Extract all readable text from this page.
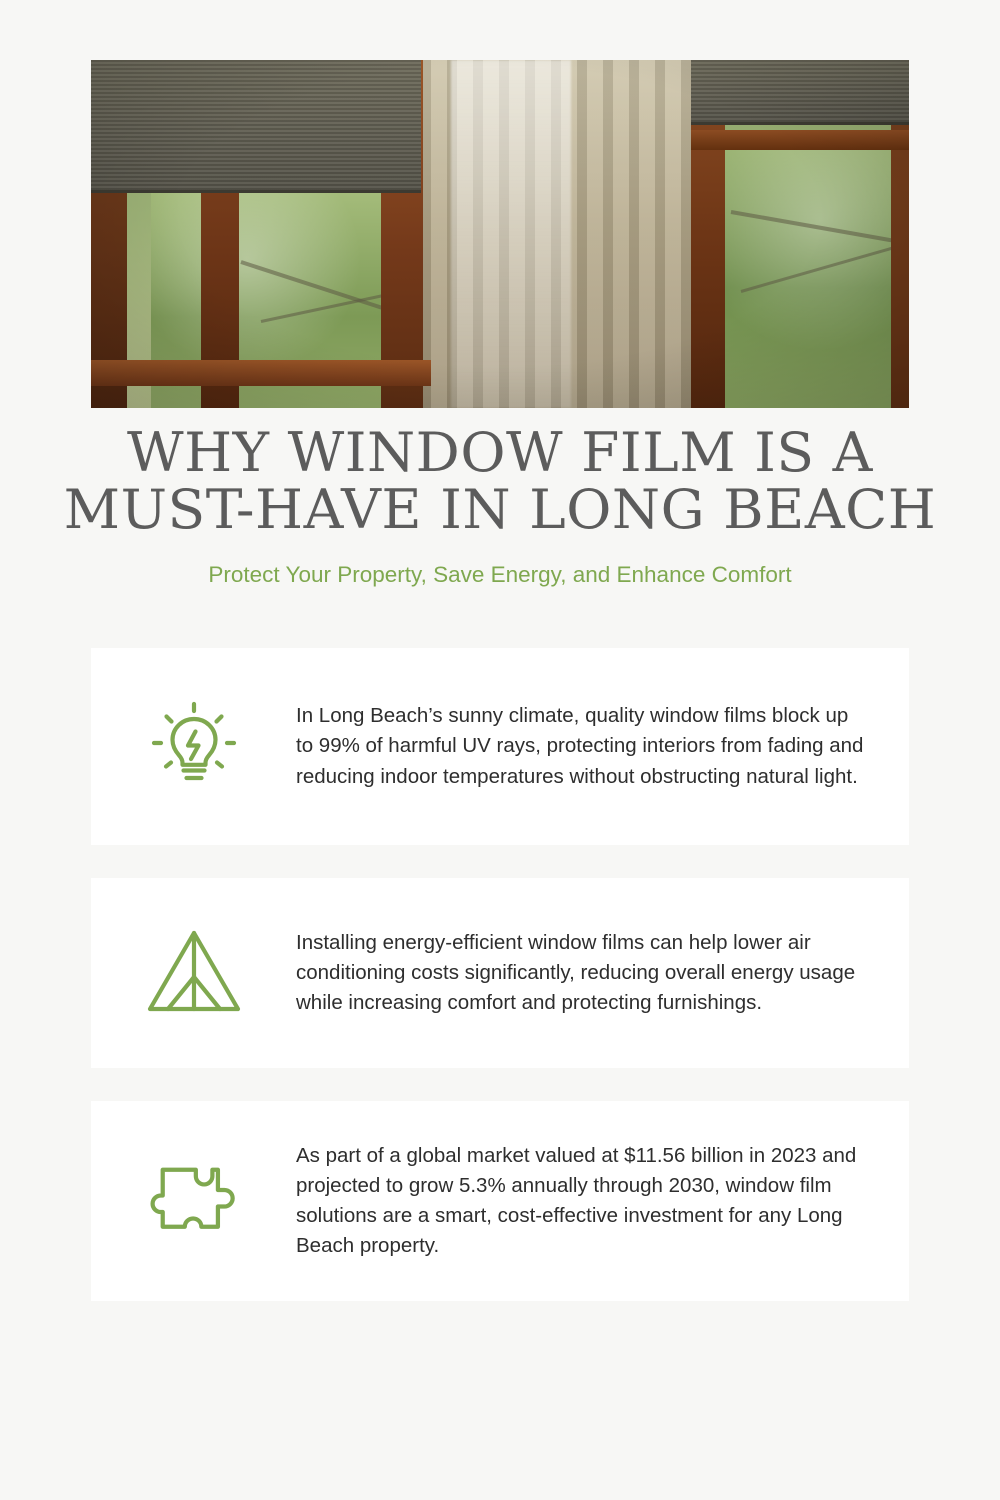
WHY WINDOW FILM IS A
MUST-HAVE IN LONG BEACH

Protect Your Property, Save Energy, and Enhance Comfort

In Long Beach’s sunny climate, quality window films block up to 99% of harmful UV rays, protecting interiors from fading and reducing indoor temperatures without obstructing natural light.

Installing energy-efficient window films can help lower air conditioning costs significantly, reducing overall energy usage while increasing comfort and protecting furnishings.

As part of a global market valued at $11.56 billion in 2023 and projected to grow 5.3% annually through 2030, window film solutions are a smart, cost-effective investment for any Long Beach property.
